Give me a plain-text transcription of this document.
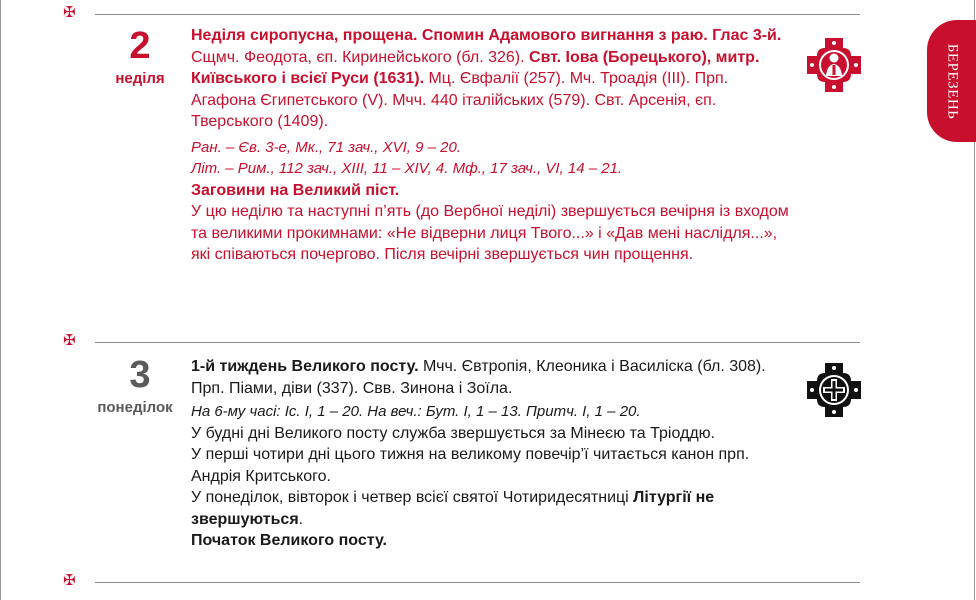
БЕРЕЗЕНЬ
✠
✠
✠
2
неділя

Неділя сиропусна, прощена. Спомин Адамового вигнання з раю. Глас 3-й.

Сщмч. Феодота, єп. Киринейського (бл. 326). Свт. Іова (Борецького), митр. Київського і всієї Руси (1631). Мц. Євфалії (257). Мч. Троадія (III). Прп. Агафона Єгипетського (V). Мчч. 440 італійських (579). Свт. Арсенія, єп. Тверського (1409).

Ран. – Єв. 3-е, Мк., 71 зач., XVI, 9 – 20.

Літ. – Рим., 112 зач., XIII, 11 – XIV, 4. Мф., 17 зач., VI, 14 – 21.

Заговини на Великий піст.

У цю неділю та наступні п’ять (до Вербної неділі) звершується вечірня із входом та великими прокимнами: «Не відверни лиця Твого...» і «Дав мені наслідля...», які співаються почергово. Після вечірні звершується чин прощення.

3
понеділок

1-й тиждень Великого посту. Мчч. Євтропія, Клеоника і Василіска (бл. 308). Прп. Піами, діви (337). Свв. Зинона і Зоїла.

На 6-му часі: Іс. І, 1 – 20. На веч.: Бут. І, 1 – 13. Притч. І, 1 – 20.

У будні дні Великого посту служба звершується за Мінеєю та Тріоддю.

У перші чотири дні цього тижня на великому повечір’ї читається канон прп. Андрія Критського.

У понеділок, вівторок і четвер всієї святої Чотиридесятниці Літургії не звершуються.

Початок Великого посту.
